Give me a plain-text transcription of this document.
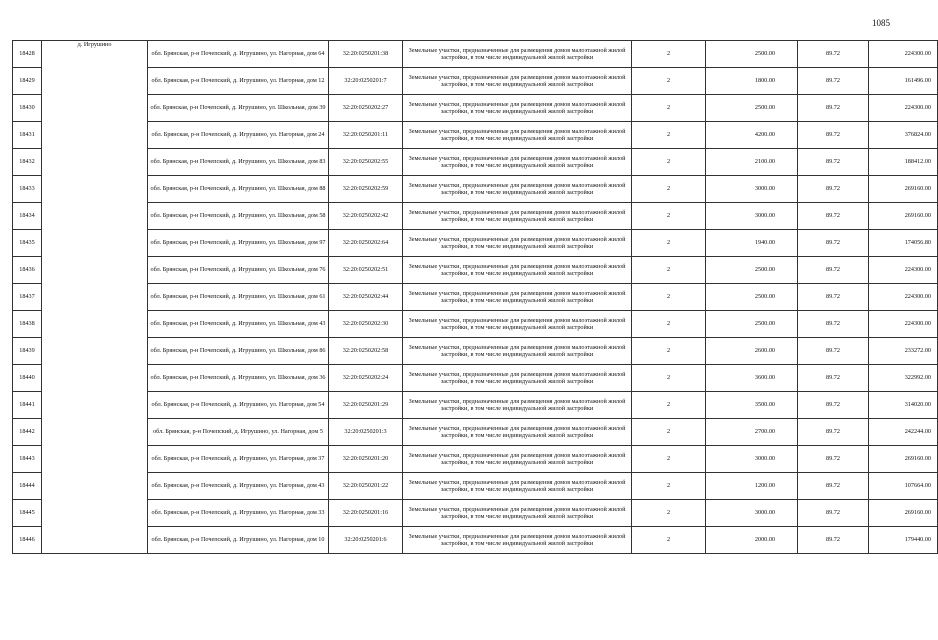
1085
18428	д. Игрушино	обл. Брянская, р-н Почепский, д. Игрушино, ул. Нагорная, дом 64	32:20:0250201:38	Земельные участки, предназначенные для размещения домов малоэтажной жилой застройки, в том числе индивидуальной жилой застройки	2	2500.00	89.72	224300.00
18429		обл. Брянская, р-н Почепский, д. Игрушино, ул. Нагорная, дом 12	32:20:0250201:7	Земельные участки, предназначенные для размещения домов малоэтажной жилой застройки, в том числе индивидуальной жилой застройки	2	1800.00	89.72	161496.00
18430		обл. Брянская, р-н Почепский, д. Игрушино, ул. Школьная, дом 39	32:20:0250202:27	Земельные участки, предназначенные для размещения домов малоэтажной жилой застройки, в том числе индивидуальной жилой застройки	2	2500.00	89.72	224300.00
18431		обл. Брянская, р-н Почепский, д. Игрушино, ул. Нагорная, дом 24	32:20:0250201:11	Земельные участки, предназначенные для размещения домов малоэтажной жилой застройки, в том числе индивидуальной жилой застройки	2	4200.00	89.72	376824.00
18432		обл. Брянская, р-н Почепский, д. Игрушино, ул. Школьная, дом 83	32:20:0250202:55	Земельные участки, предназначенные для размещения домов малоэтажной жилой застройки, в том числе индивидуальной жилой застройки	2	2100.00	89.72	188412.00
18433		обл. Брянская, р-н Почепский, д. Игрушино, ул. Школьная, дом 88	32:20:0250202:59	Земельные участки, предназначенные для размещения домов малоэтажной жилой застройки, в том числе индивидуальной жилой застройки	2	3000.00	89.72	269160.00
18434		обл. Брянская, р-н Почепский, д. Игрушино, ул. Школьная, дом 58	32:20:0250202:42	Земельные участки, предназначенные для размещения домов малоэтажной жилой застройки, в том числе индивидуальной жилой застройки	2	3000.00	89.72	269160.00
18435		обл. Брянская, р-н Почепский, д. Игрушино, ул. Школьная, дом 97	32:20:0250202:64	Земельные участки, предназначенные для размещения домов малоэтажной жилой застройки, в том числе индивидуальной жилой застройки	2	1940.00	89.72	174056.80
18436		обл. Брянская, р-н Почепский, д. Игрушино, ул. Школьная, дом 76	32:20:0250202:51	Земельные участки, предназначенные для размещения домов малоэтажной жилой застройки, в том числе индивидуальной жилой застройки	2	2500.00	89.72	224300.00
18437		обл. Брянская, р-н Почепский, д. Игрушино, ул. Школьная, дом 61	32:20:0250202:44	Земельные участки, предназначенные для размещения домов малоэтажной жилой застройки, в том числе индивидуальной жилой застройки	2	2500.00	89.72	224300.00
18438		обл. Брянская, р-н Почепский, д. Игрушино, ул. Школьная, дом 43	32:20:0250202:30	Земельные участки, предназначенные для размещения домов малоэтажной жилой застройки, в том числе индивидуальной жилой застройки	2	2500.00	89.72	224300.00
18439		обл. Брянская, р-н Почепский, д. Игрушино, ул. Школьная, дом 86	32:20:0250202:58	Земельные участки, предназначенные для размещения домов малоэтажной жилой застройки, в том числе индивидуальной жилой застройки	2	2600.00	89.72	233272.00
18440		обл. Брянская, р-н Почепский, д. Игрушино, ул. Школьная, дом 36	32:20:0250202:24	Земельные участки, предназначенные для размещения домов малоэтажной жилой застройки, в том числе индивидуальной жилой застройки	2	3600.00	89.72	322992.00
18441		обл. Брянская, р-н Почепский, д. Игрушино, ул. Нагорная, дом 54	32:20:0250201:29	Земельные участки, предназначенные для размещения домов малоэтажной жилой застройки, в том числе индивидуальной жилой застройки	2	3500.00	89.72	314020.00
18442		обл. Брянская, р-н Почепский, д. Игрушино, ул. Нагорная, дом 5	32:20:0250201:3	Земельные участки, предназначенные для размещения домов малоэтажной жилой застройки, в том числе индивидуальной жилой застройки	2	2700.00	89.72	242244.00
18443		обл. Брянская, р-н Почепский, д. Игрушино, ул. Нагорная, дом 37	32:20:0250201:20	Земельные участки, предназначенные для размещения домов малоэтажной жилой застройки, в том числе индивидуальной жилой застройки	2	3000.00	89.72	269160.00
18444		обл. Брянская, р-н Почепский, д. Игрушино, ул. Нагорная, дом 43	32:20:0250201:22	Земельные участки, предназначенные для размещения домов малоэтажной жилой застройки, в том числе индивидуальной жилой застройки	2	1200.00	89.72	107664.00
18445		обл. Брянская, р-н Почепский, д. Игрушино, ул. Нагорная, дом 33	32:20:0250201:16	Земельные участки, предназначенные для размещения домов малоэтажной жилой застройки, в том числе индивидуальной жилой застройки	2	3000.00	89.72	269160.00
18446		обл. Брянская, р-н Почепский, д. Игрушино, ул. Нагорная, дом 10	32:20:0250201:6	Земельные участки, предназначенные для размещения домов малоэтажной жилой застройки, в том числе индивидуальной жилой застройки	2	2000.00	89.72	179440.00
